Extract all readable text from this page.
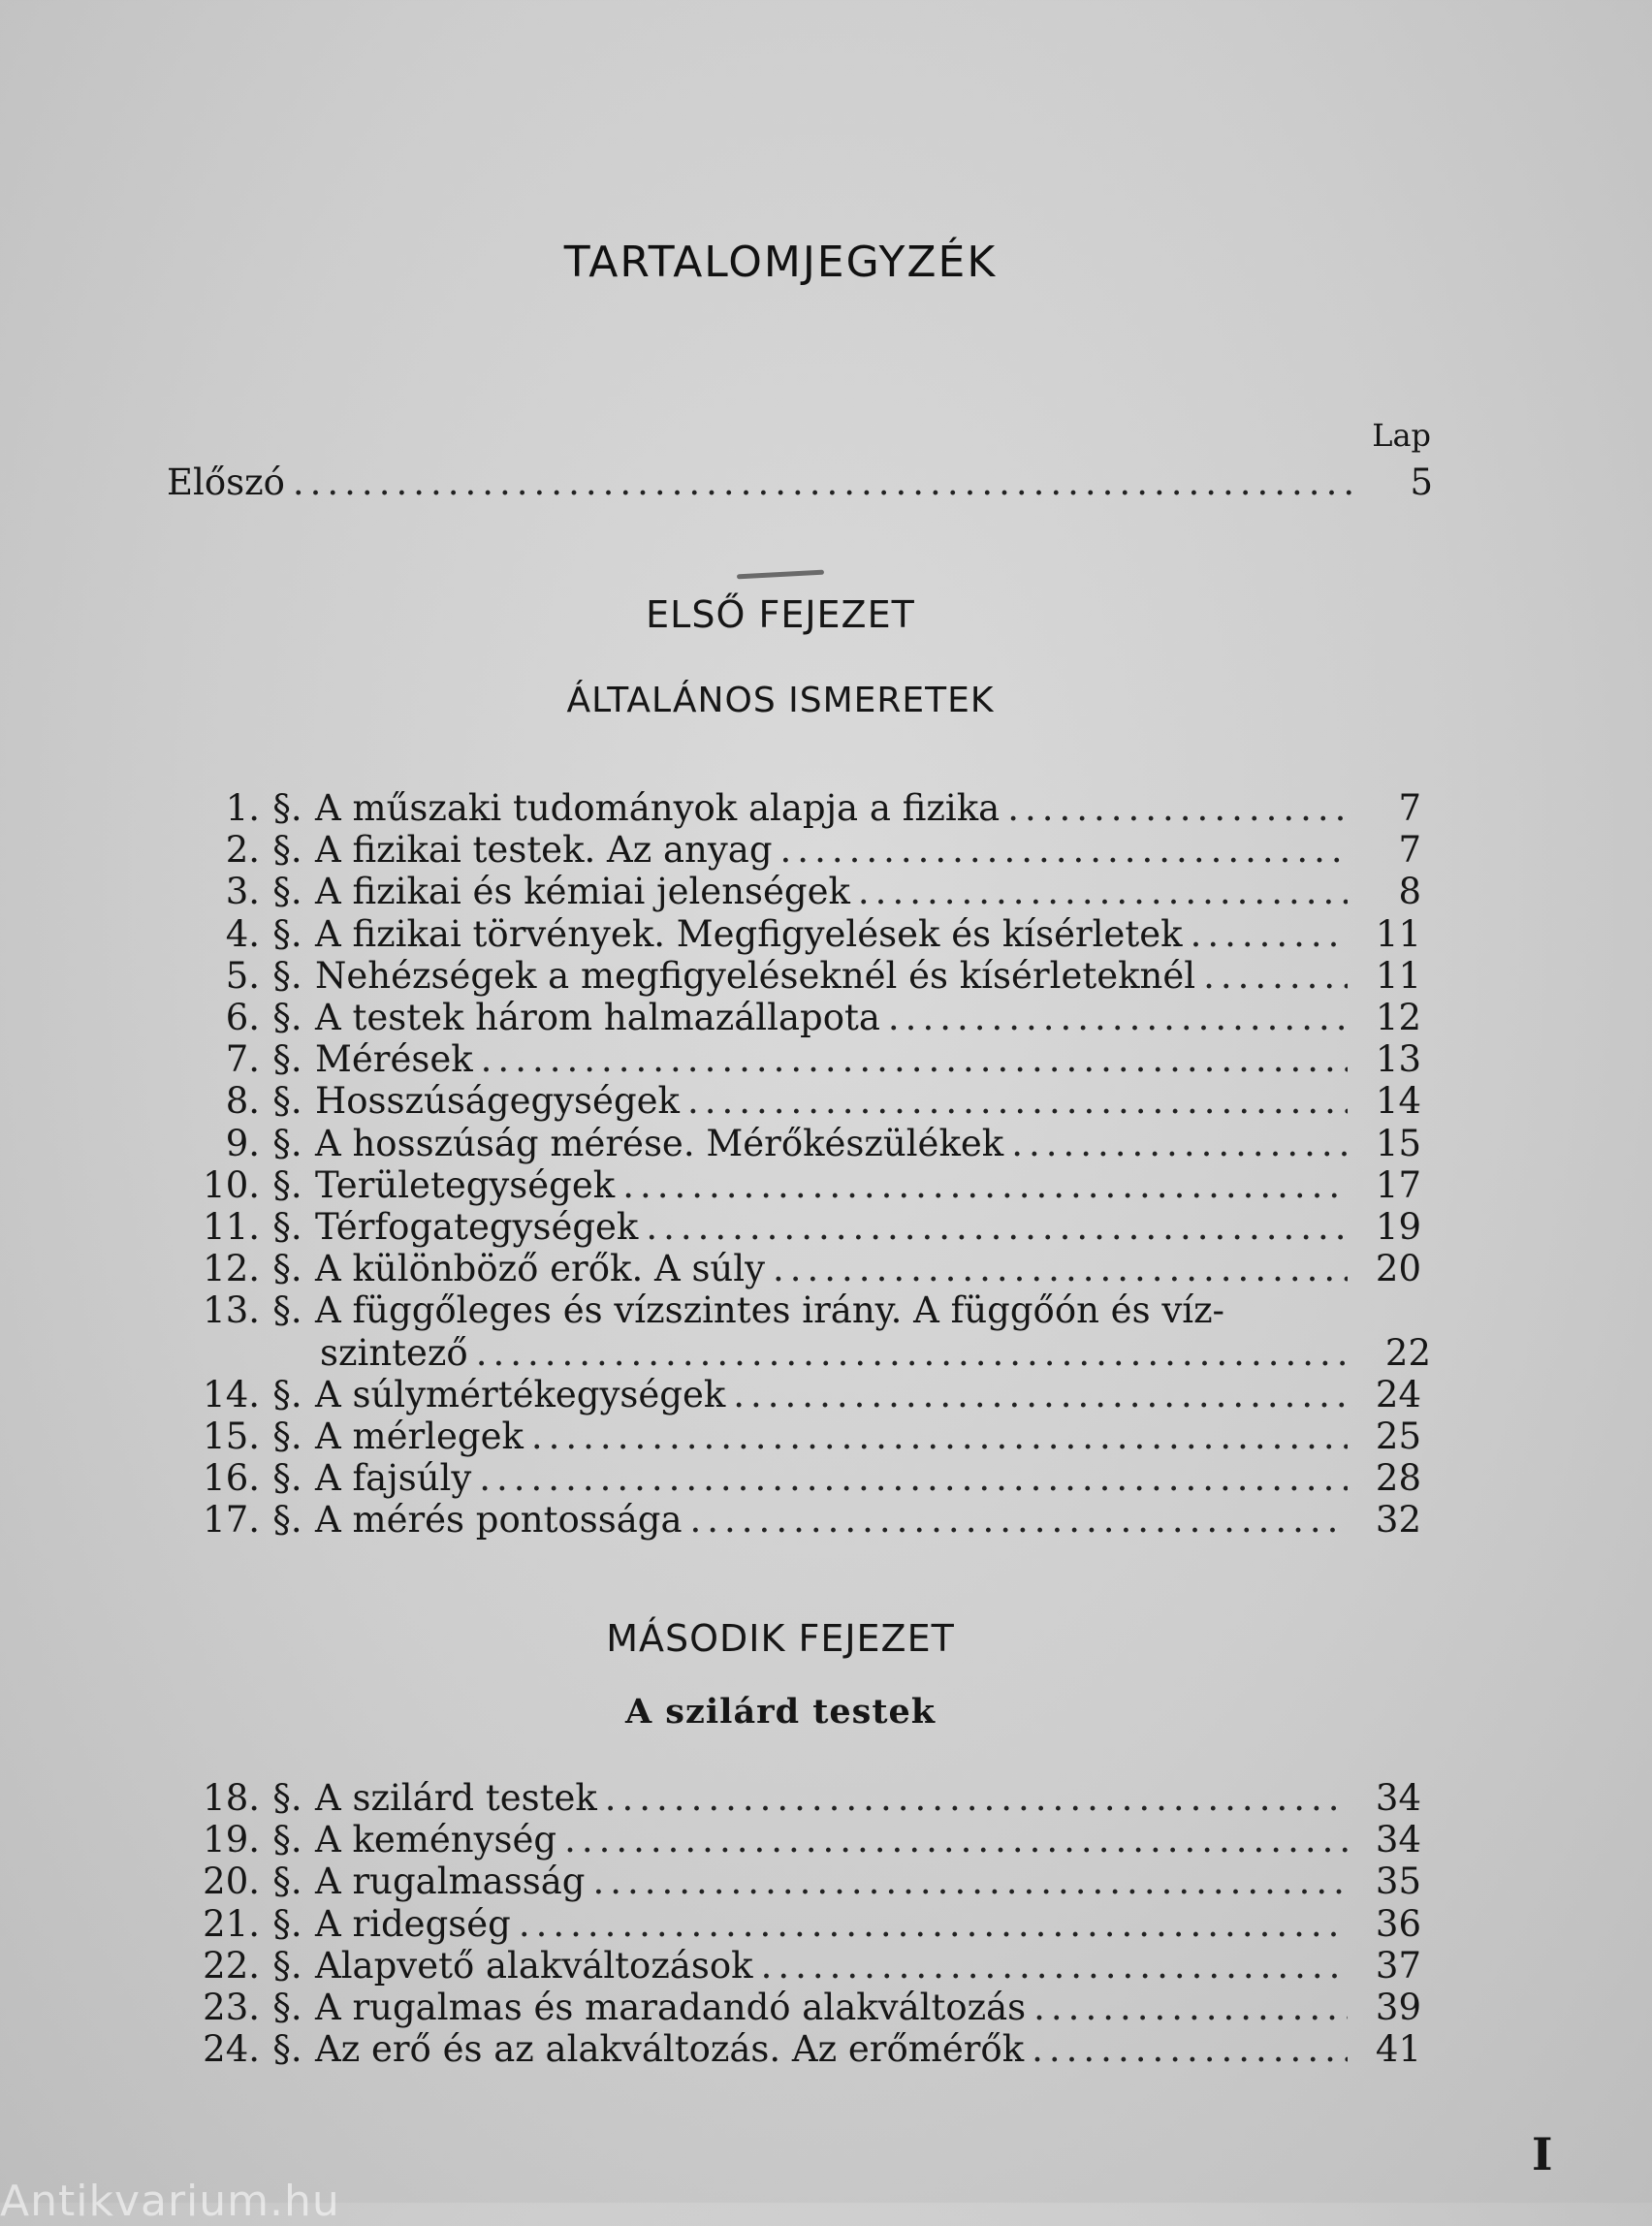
TARTALOMJEGYZÉK
Lap
Előszó .....	5
ELSŐ FEJEZET
ÁLTALÁNOS ISMERETEK
1. §. A műszaki tudományok alapja a fizika .....	7
2. §. A fizikai testek. Az anyag .....	7
3. §. A fizikai és kémiai jelenségek .....	8
4. §. A fizikai törvények. Megfigyelések és kísérletek .....	11
5. §. Nehézségek a megfigyeléseknél és kísérleteknél .....	11
6. §. A testek három halmazállapota .....	12
7. §. Mérések .....	13
8. §. Hosszúságegységek .....	14
9. §. A hosszúság mérése. Mérőkészülékek .....	15
10. §. Területegységek .....	17
11. §. Térfogategységek .....	19
12. §. A különböző erők. A súly .....	20
13. §. A függőleges és vízszintes irány. A függőón és víz-
szintező .....	22
14. §. A súlymértékegységek .....	24
15. §. A mérlegek .....	25
16. §. A fajsúly .....	28
17. §. A mérés pontossága .....	32
MÁSODIK FEJEZET
A szilárd testek
18. §. A szilárd testek .....	34
19. §. A keménység .....	34
20. §. A rugalmasság .....	35
21. §. A ridegség .....	36
22. §. Alapvető alakváltozások .....	37
23. §. A rugalmas és maradandó alakváltozás .....	39
24. §. Az erő és az alakváltozás. Az erőmérők .....	41
I
Antikvarium.hu
